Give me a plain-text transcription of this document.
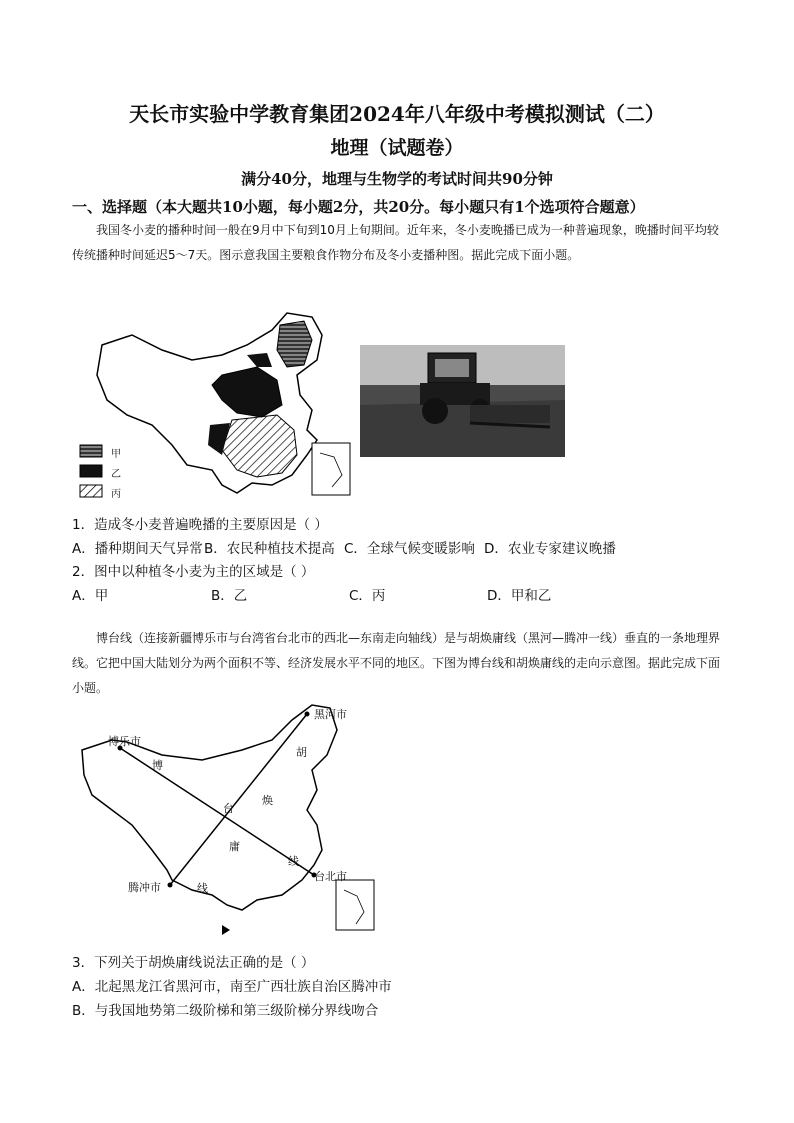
天长市实验中学教育集团2024年八年级中考模拟测试（二）
地理（试题卷）
满分40分，地理与生物学的考试时间共90分钟
一、选择题（本大题共10小题，每小题2分，共20分。每小题只有1个选项符合题意）
我国冬小麦的播种时间一般在9月中下旬到10月上旬期间。近年来，冬小麦晚播已成为一种普遍现象，晚播时间平均较传统播种时间延迟5～7天。图示意我国主要粮食作物分布及冬小麦播种图。据此完成下面小题。
甲
乙
丙
1．造成冬小麦普遍晚播的主要原因是（ ）
A．播种期间天气异常 B．农民种植技术提高 C．全球气候变暖影响 D．农业专家建议晚播
2．图中以种植冬小麦为主的区域是（ ）
A．甲	B．乙	C．丙	D．甲和乙
博台线（连接新疆博乐市与台湾省台北市的西北—东南走向轴线）是与胡焕庸线（黑河—腾冲一线）垂直的一条地理界线。它把中国大陆划分为两个面积不等、经济发展水平不同的地区。下图为博台线和胡焕庸线的走向示意图。据此完成下面小题。
博乐市
黑河市
台北市
腾冲市
博
台
线
胡
焕
庸
线
3．下列关于胡焕庸线说法正确的是（ ）
A．北起黑龙江省黑河市，南至广西壮族自治区腾冲市
B．与我国地势第二级阶梯和第三级阶梯分界线吻合
